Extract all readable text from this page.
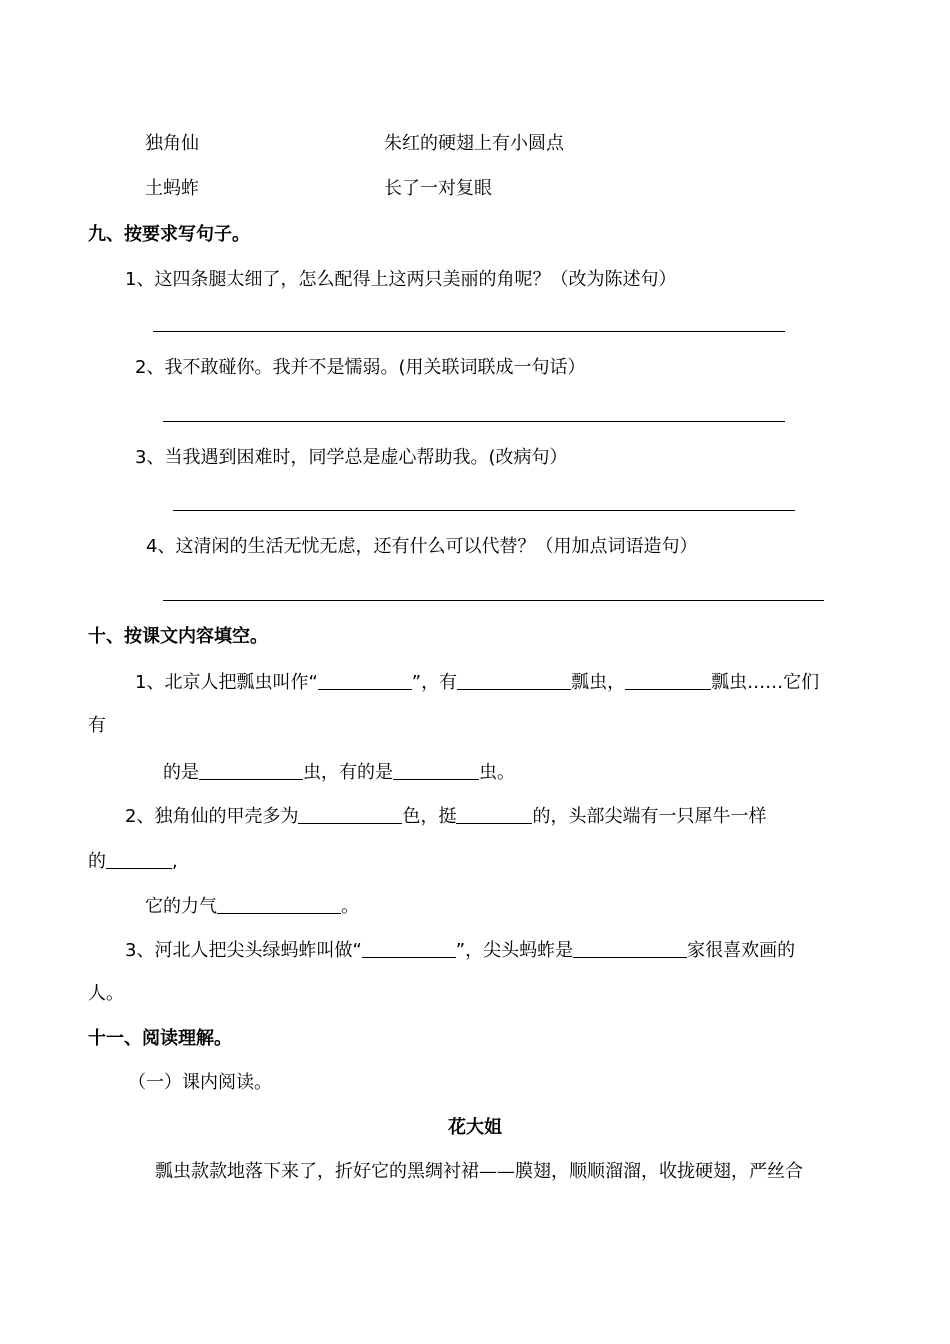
独角仙	朱红的硬翅上有小圆点
土蚂蚱	长了一对复眼
九、按要求写句子。
1、这四条腿太细了，怎么配得上这两只美丽的角呢？（改为陈述句）
2、我不敢碰你。我并不是懦弱。(用关联词联成一句话）
3、当我遇到困难时，同学总是虚心帮助我。(改病句）
4、这清闲的生活无忧无虑，还有什么可以代替？（用加点词语造句）
十、按课文内容填空。
1、北京人把瓢虫叫作“	”，有	瓢虫，	瓢虫……它们
有
的是	虫，有的是	虫。
2、独角仙的甲壳多为	色，挺	的，头部尖端有一只犀牛一样
的	,
它的力气	。
3、河北人把尖头绿蚂蚱叫做“	”，尖头蚂蚱是	家很喜欢画的
人。
十一、阅读理解。
（一）课内阅读。
花大姐
瓢虫款款地落下来了，折好它的黑绸衬裙——膜翅，顺顺溜溜，收拢硬翅，严丝合
